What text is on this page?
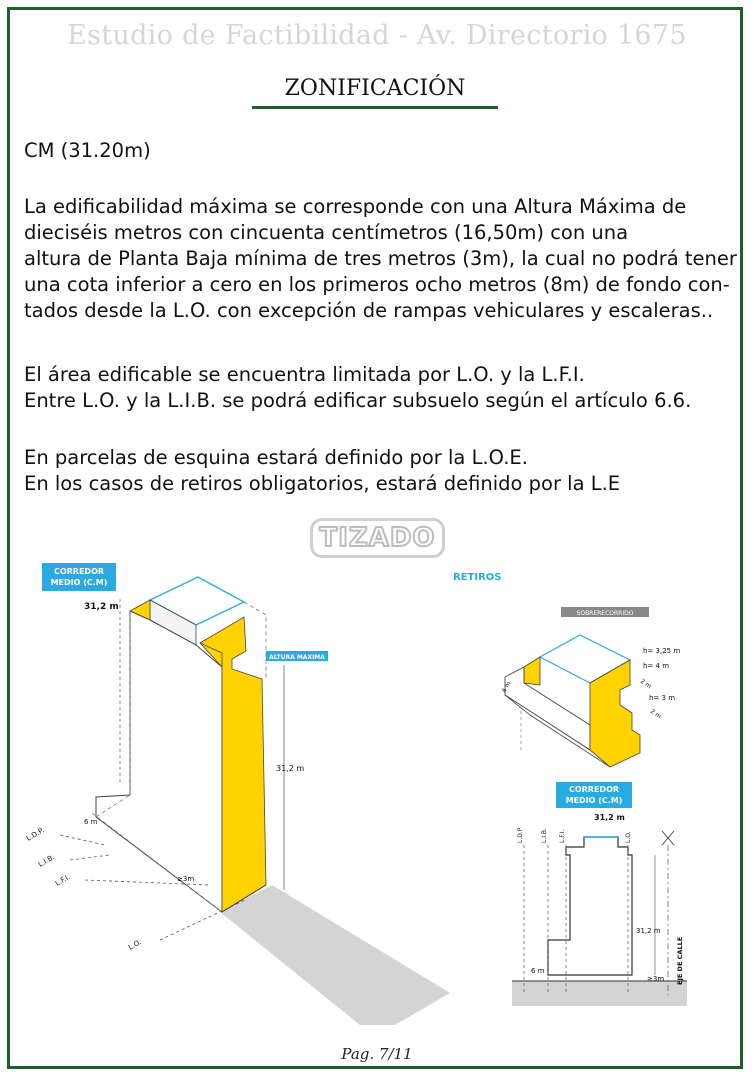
Estudio de Factibilidad - Av. Directorio 1675
ZONIFICACIÓN
CM (31.20m)
La edificabilidad máxima se corresponde con una Altura Máxima de
dieciséis metros con cincuenta centímetros (16,50m) con una
altura de Planta Baja mínima de tres metros (3m), la cual no podrá tener
una cota inferior a cero en los primeros ocho metros (8m) de fondo con-
tados desde la L.O. con excepción de rampas vehiculares y escaleras..
El área edificable se encuentra limitada por L.O. y la L.F.I.
Entre L.O. y la L.I.B. se podrá edificar subsuelo según el artículo 6.6.
En parcelas de esquina estará definido por la L.O.E.
En los casos de retiros obligatorios, estará definido por la L.E
TIZADO
31,2 m
CORREDOR
MEDIO (C.M)
31,2 m
ALTURA MAXIMA
L.D.P.
L.I.B.
L.F.I.
L.O.
6 m
≥3m
RETIROS
SOBRERECORRIDO
h= 3,25 m
h= 4 m
h= 3 m
2 m
2 m
4 m
CORREDOR
MEDIO (C.M)
31,2 m
L.D.P	L.I.B. L.F.I.	L.O.
31,2 m
6 m
≥3m EJE DE CALLE
Pag. 7/11
